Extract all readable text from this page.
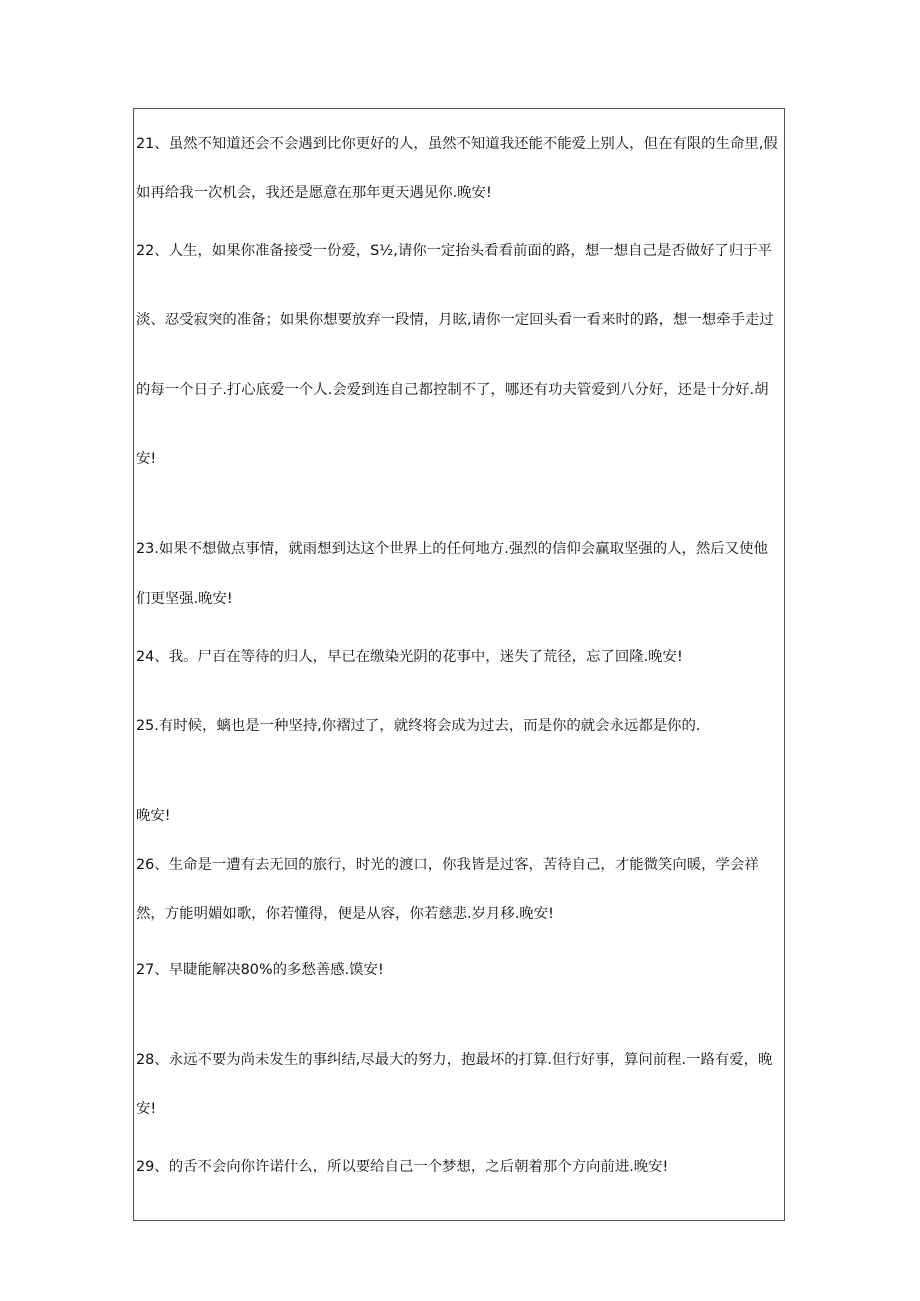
21、虽然不知道还会不会遇到比你更好的人，虽然不知道我还能不能爱上别人，但在有限的生命里,假
如再给我一次机会，我还是愿意在那年更天遇见你.晚安!
22、人生，如果你准备接受一份爱，S½,请你一定抬头看看前面的路，想一想自己是否做好了归于平
淡、忍受寂突的准备；如果你想要放弃一段情，月眩,请你一定回头看一看来时的路，想一想牵手走过
的每一个日子.打心底爱一个人.会爱到连自己都控制不了，哪还有功夫管爱到八分好，还是十分好.胡
安!
23.如果不想做点事情，就雨想到达这个世界上的任何地方.强烈的信仰会赢取坚强的人，然后又使他
们更坚强.晚安!
24、我。尸百在等待的归人，早已在缴染光阴的花事中，迷失了荒径，忘了回隆.晚安!
25.有时候，螭也是一种坚持,你褶过了，就终将会成为过去，而是你的就会永远都是你的.
晚安!
26、生命是一遭有去无回的旅行，时光的渡口，你我皆是过客，苦待自己，才能微笑向暖，学会祥
然，方能明媚如歌，你若懂得，便是从容，你若慈悲.岁月移.晚安!
27、早睫能解决80%的多愁善感.馍安!
28、永远不要为尚未发生的事纠结,尽最大的努力，抱最坏的打算.但行好事，算问前程.一路有爱，晚
安!
29、的舌不会向你许诺什么，所以要给自己一个梦想，之后朝着那个方向前进.晚安!
